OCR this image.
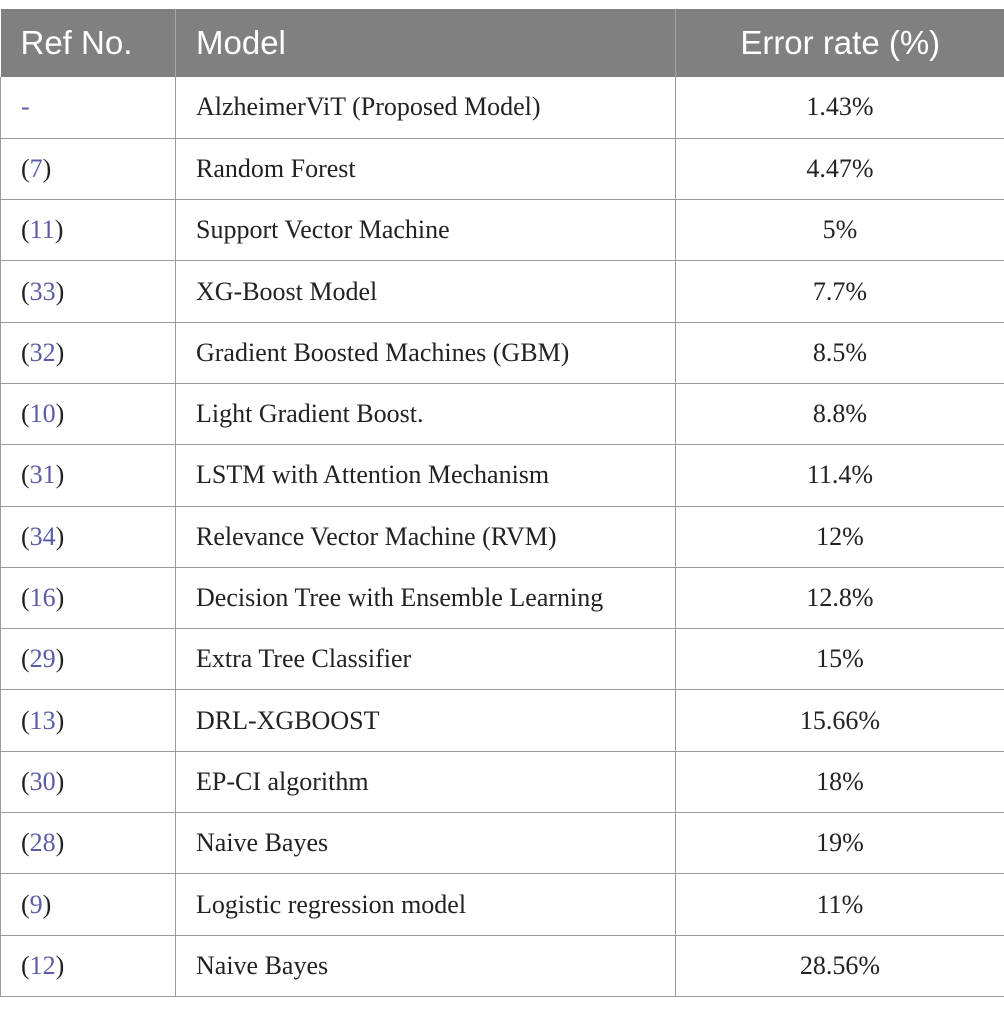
Ref No.	Model	Error rate (%)
-	AlzheimerViT (Proposed Model)	1.43%
(7)	Random Forest	4.47%
(11)	Support Vector Machine	5%
(33)	XG-Boost Model	7.7%
(32)	Gradient Boosted Machines (GBM)	8.5%
(10)	Light Gradient Boost.	8.8%
(31)	LSTM with Attention Mechanism	11.4%
(34)	Relevance Vector Machine (RVM)	12%
(16)	Decision Tree with Ensemble Learning	12.8%
(29)	Extra Tree Classifier	15%
(13)	DRL-XGBOOST	15.66%
(30)	EP-CI algorithm	18%
(28)	Naive Bayes	19%
(9)	Logistic regression model	11%
(12)	Naive Bayes	28.56%
